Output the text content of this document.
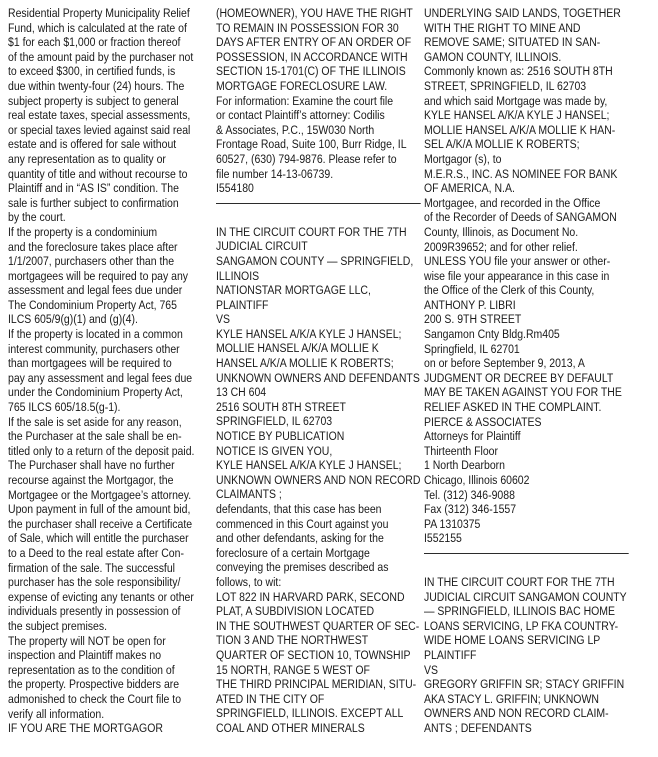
Residential Property Municipality Relief
Fund, which is calculated at the rate of
$1 for each $1,000 or fraction thereof
of the amount paid by the purchaser not
to exceed $300, in certified funds, is
due within twenty-four (24) hours. The
subject property is subject to general
real estate taxes, special assessments,
or special taxes levied against said real
estate and is offered for sale without
any representation as to quality or
quantity of title and without recourse to
Plaintiff and in “AS IS” condition. The
sale is further subject to confirmation
by the court.
If the property is a condominium
and the foreclosure takes place after
1/1/2007, purchasers other than the
mortgagees will be required to pay any
assessment and legal fees due under
The Condominium Property Act, 765
ILCS 605/9(g)(1) and (g)(4).
If the property is located in a common
interest community, purchasers other
than mortgagees will be required to
pay any assessment and legal fees due
under the Condominium Property Act,
765 ILCS 605/18.5(g-1).
If the sale is set aside for any reason,
the Purchaser at the sale shall be en-
titled only to a return of the deposit paid.
The Purchaser shall have no further
recourse against the Mortgagor, the
Mortgagee or the Mortgagee’s attorney.
Upon payment in full of the amount bid,
the purchaser shall receive a Certificate
of Sale, which will entitle the purchaser
to a Deed to the real estate after Con-
firmation of the sale. The successful
purchaser has the sole responsibility/
expense of evicting any tenants or other
individuals presently in possession of
the subject premises.
The property will NOT be open for
inspection and Plaintiff makes no
representation as to the condition of
the property. Prospective bidders are
admonished to check the Court file to
verify all information.
IF YOU ARE THE MORTGAGOR
(HOMEOWNER), YOU HAVE THE RIGHT
TO REMAIN IN POSSESSION FOR 30
DAYS AFTER ENTRY OF AN ORDER OF
POSSESSION, IN ACCORDANCE WITH
SECTION 15-1701(C) OF THE ILLINOIS
MORTGAGE FORECLOSURE LAW.
For information: Examine the court file
or contact Plaintiff’s attorney: Codilis
& Associates, P.C., 15W030 North
Frontage Road, Suite 100, Burr Ridge, IL
60527, (630) 794-9876. Please refer to
file number 14-13-06739.
I554180
IN THE CIRCUIT COURT FOR THE 7TH
JUDICIAL CIRCUIT
SANGAMON COUNTY — SPRINGFIELD,
ILLINOIS
NATIONSTAR MORTGAGE LLC,
PLAINTIFF
VS
KYLE HANSEL A/K/A KYLE J HANSEL;
MOLLIE HANSEL A/K/A MOLLIE K
HANSEL A/K/A MOLLIE K ROBERTS;
UNKNOWN OWNERS AND DEFENDANTS
13 CH 604
2516 SOUTH 8TH STREET
SPRINGFIELD, IL 62703
NOTICE BY PUBLICATION
NOTICE IS GIVEN YOU,
KYLE HANSEL A/K/A KYLE J HANSEL;
UNKNOWN OWNERS AND NON RECORD
CLAIMANTS ;
defendants, that this case has been
commenced in this Court against you
and other defendants, asking for the
foreclosure of a certain Mortgage
conveying the premises described as
follows, to wit:
LOT 822 IN HARVARD PARK, SECOND
PLAT, A SUBDIVISION LOCATED
IN THE SOUTHWEST QUARTER OF SEC-
TION 3 AND THE NORTHWEST
QUARTER OF SECTION 10, TOWNSHIP
15 NORTH, RANGE 5 WEST OF
THE THIRD PRINCIPAL MERIDIAN, SITU-
ATED IN THE CITY OF
SPRINGFIELD, ILLINOIS. EXCEPT ALL
COAL AND OTHER MINERALS
UNDERLYING SAID LANDS, TOGETHER
WITH THE RIGHT TO MINE AND
REMOVE SAME; SITUATED IN SAN-
GAMON COUNTY, ILLINOIS.
Commonly known as: 2516 SOUTH 8TH
STREET, SPRINGFIELD, IL 62703
and which said Mortgage was made by,
KYLE HANSEL A/K/A KYLE J HANSEL;
MOLLIE HANSEL A/K/A MOLLIE K HAN-
SEL A/K/A MOLLIE K ROBERTS;
Mortgagor (s), to
M.E.R.S., INC. AS NOMINEE FOR BANK
OF AMERICA, N.A.
Mortgagee, and recorded in the Office
of the Recorder of Deeds of SANGAMON
County, Illinois, as Document No.
2009R39652; and for other relief.
UNLESS YOU file your answer or other-
wise file your appearance in this case in
the Office of the Clerk of this County,
ANTHONY P. LIBRI
200 S. 9TH STREET
Sangamon Cnty Bldg.Rm405
Springfield, IL 62701
on or before September 9, 2013, A
JUDGMENT OR DECREE BY DEFAULT
MAY BE TAKEN AGAINST YOU FOR THE
RELIEF ASKED IN THE COMPLAINT.
PIERCE & ASSOCIATES
Attorneys for Plaintiff
Thirteenth Floor
1 North Dearborn
Chicago, Illinois 60602
Tel. (312) 346-9088
Fax (312) 346-1557
PA 1310375
I552155
IN THE CIRCUIT COURT FOR THE 7TH
JUDICIAL CIRCUIT SANGAMON COUNTY
— SPRINGFIELD, ILLINOIS BAC HOME
LOANS SERVICING, LP FKA COUNTRY-
WIDE HOME LOANS SERVICING LP
PLAINTIFF
VS
GREGORY GRIFFIN SR; STACY GRIFFIN
AKA STACY L. GRIFFIN; UNKNOWN
OWNERS AND NON RECORD CLAIM-
ANTS ; DEFENDANTS
